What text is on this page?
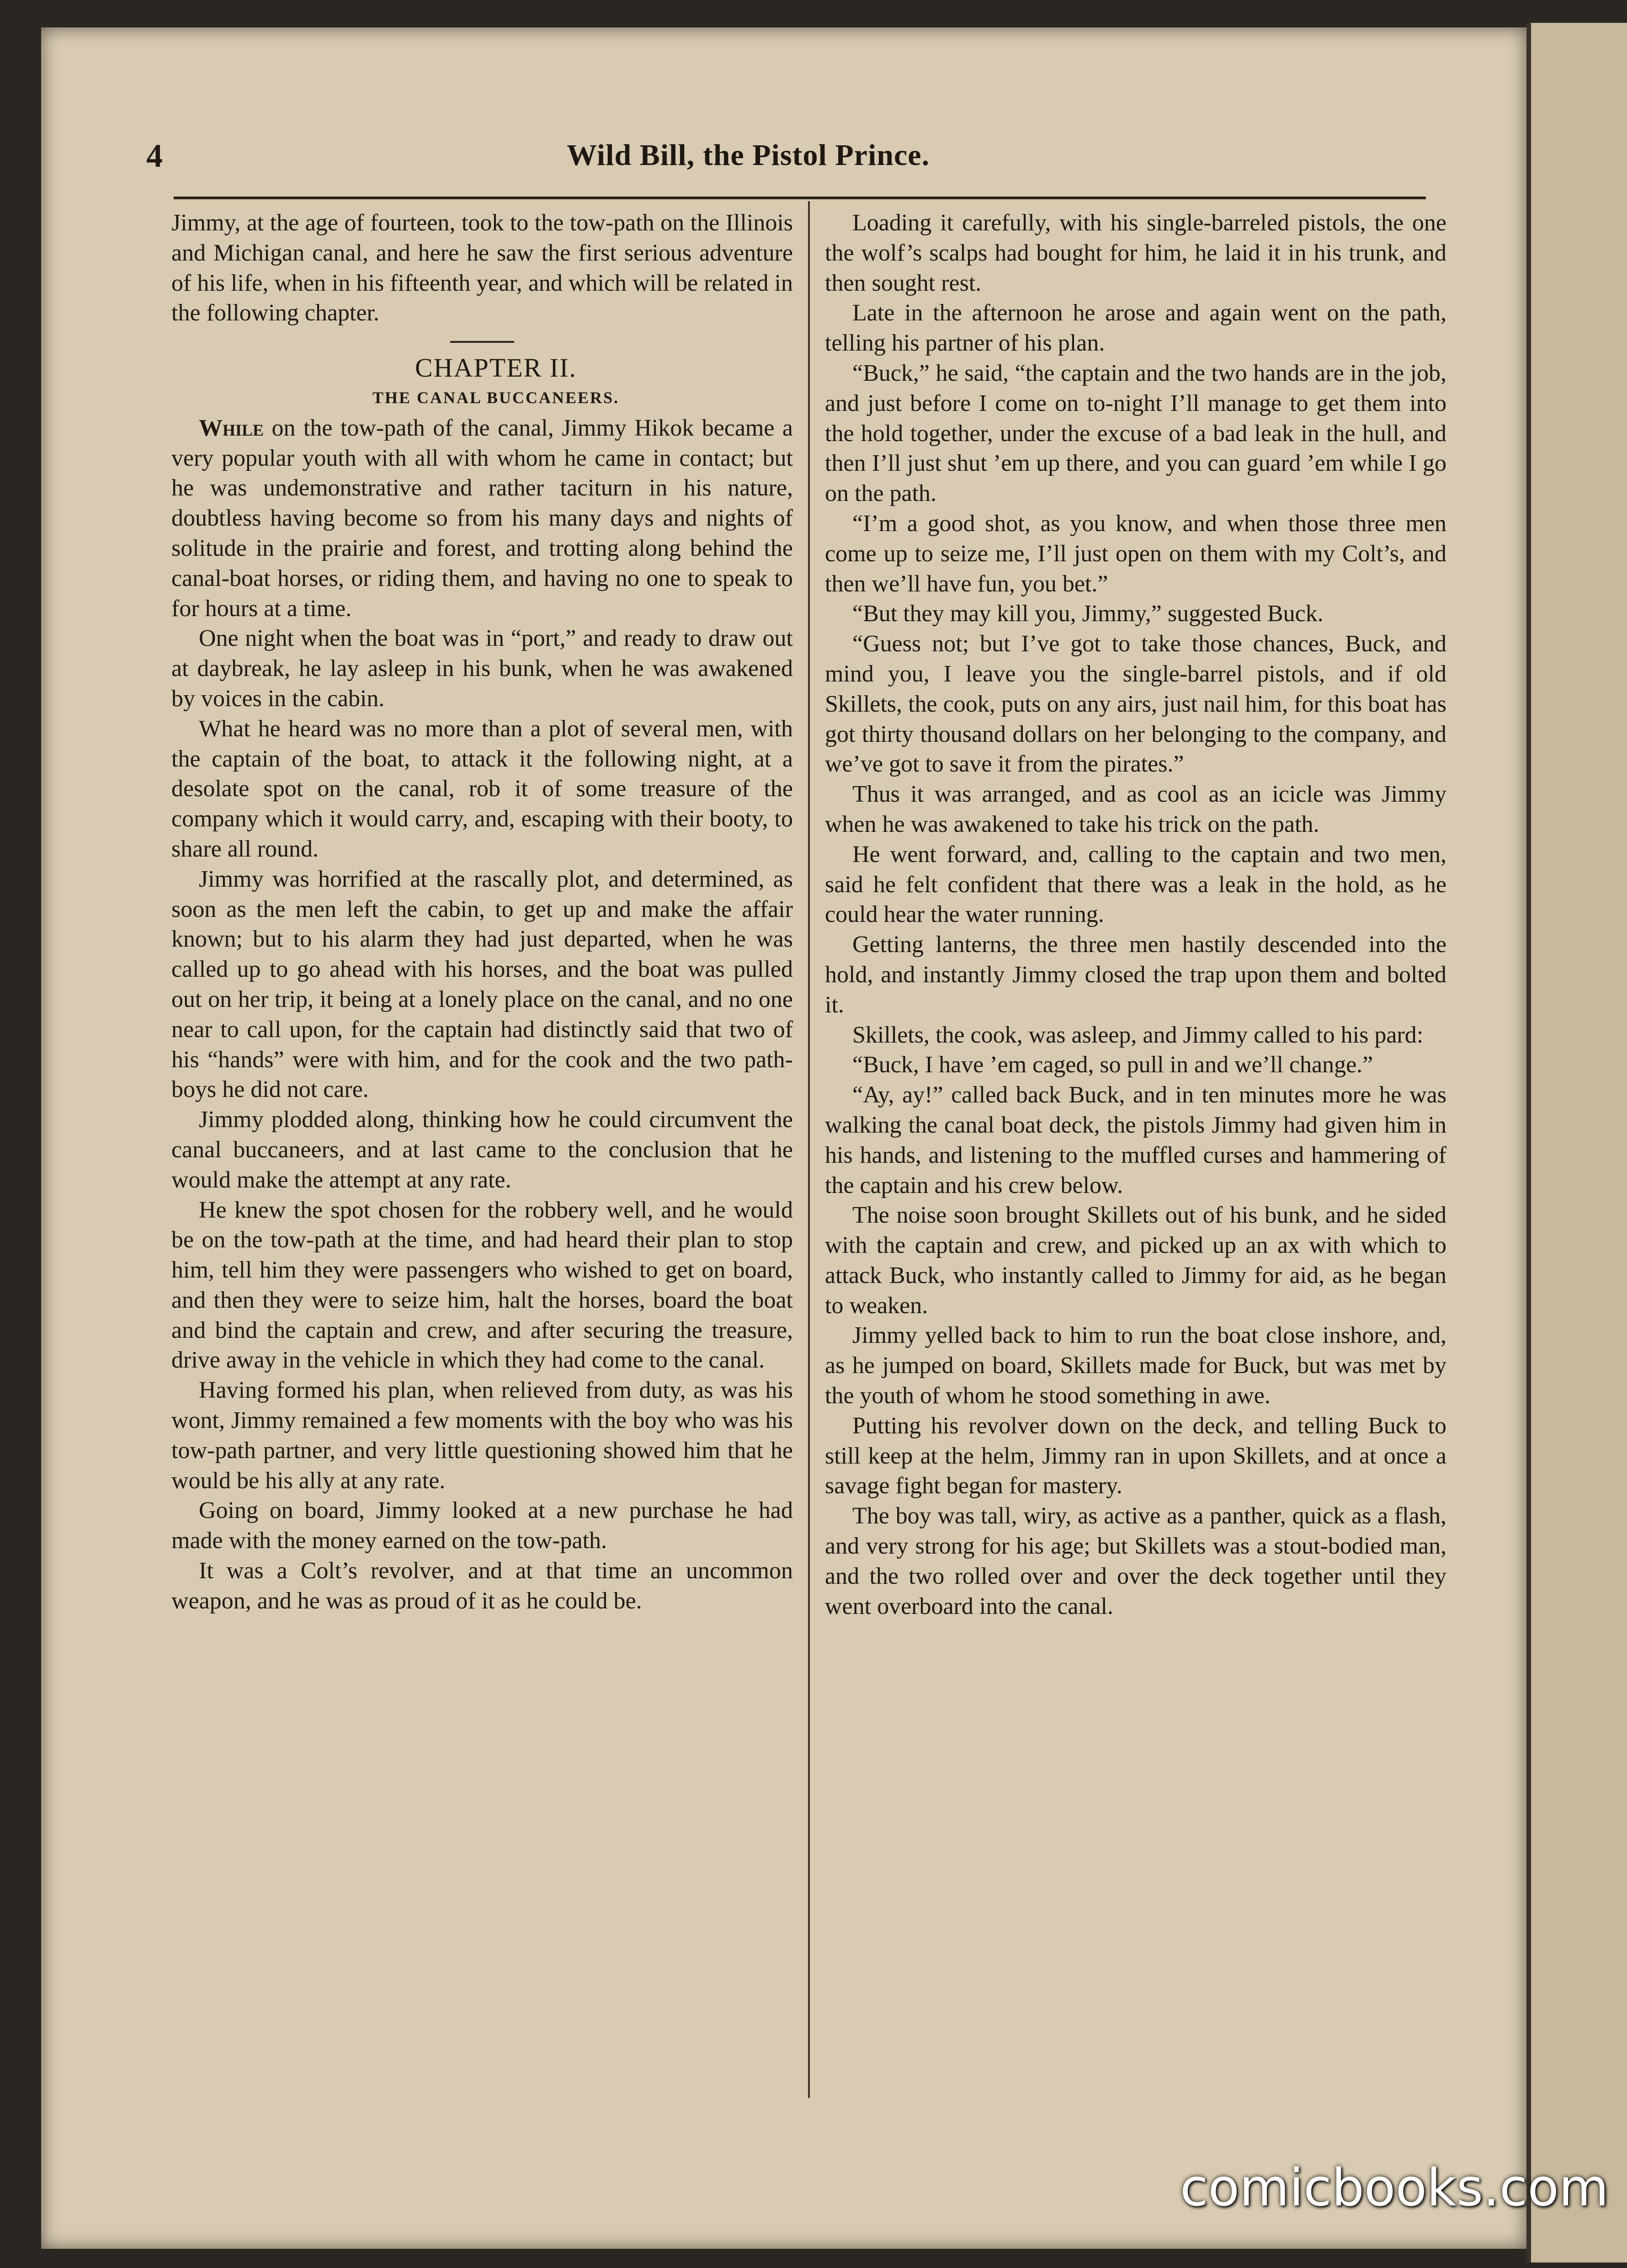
4	Wild Bill, the Pistol Prince.

Jimmy, at the age of fourteen, took to the tow-path on the Illinois and Michigan canal, and here he saw the first serious adventure of his life, when in his fifteenth year, and which will be related in the following chapter.

CHAPTER II.

THE CANAL BUCCANEERS.

While on the tow-path of the canal, Jimmy Hikok became a very popular youth with all with whom he came in contact; but he was undemonstrative and rather taciturn in his nature, doubtless having become so from his many days and nights of solitude in the prairie and forest, and trotting along behind the canal-boat horses, or riding them, and having no one to speak to for hours at a time.

One night when the boat was in “port,” and ready to draw out at daybreak, he lay asleep in his bunk, when he was awakened by voices in the cabin.

What he heard was no more than a plot of several men, with the captain of the boat, to attack it the following night, at a desolate spot on the canal, rob it of some treasure of the company which it would carry, and, escaping with their booty, to share all round.

Jimmy was horrified at the rascally plot, and determined, as soon as the men left the cabin, to get up and make the affair known; but to his alarm they had just departed, when he was called up to go ahead with his horses, and the boat was pulled out on her trip, it being at a lonely place on the canal, and no one near to call upon, for the captain had distinctly said that two of his “hands” were with him, and for the cook and the two path-boys he did not care.

Jimmy plodded along, thinking how he could circumvent the canal buccaneers, and at last came to the conclusion that he would make the attempt at any rate.

He knew the spot chosen for the robbery well, and he would be on the tow-path at the time, and had heard their plan to stop him, tell him they were passengers who wished to get on board, and then they were to seize him, halt the horses, board the boat and bind the captain and crew, and after securing the treasure, drive away in the vehicle in which they had come to the canal.

Having formed his plan, when relieved from duty, as was his wont, Jimmy remained a few moments with the boy who was his tow-path partner, and very little questioning showed him that he would be his ally at any rate.

Going on board, Jimmy looked at a new purchase he had made with the money earned on the tow-path.

It was a Colt’s revolver, and at that time an uncommon weapon, and he was as proud of it as he could be.

Loading it carefully, with his single-barreled pistols, the one the wolf’s scalps had bought for him, he laid it in his trunk, and then sought rest.

Late in the afternoon he arose and again went on the path, telling his partner of his plan.

“Buck,” he said, “the captain and the two hands are in the job, and just before I come on to-night I’ll manage to get them into the hold together, under the excuse of a bad leak in the hull, and then I’ll just shut ’em up there, and you can guard ’em while I go on the path.

“I’m a good shot, as you know, and when those three men come up to seize me, I’ll just open on them with my Colt’s, and then we’ll have fun, you bet.”

“But they may kill you, Jimmy,” suggested Buck.

“Guess not; but I’ve got to take those chances, Buck, and mind you, I leave you the single-barrel pistols, and if old Skillets, the cook, puts on any airs, just nail him, for this boat has got thirty thousand dollars on her belonging to the company, and we’ve got to save it from the pirates.”

Thus it was arranged, and as cool as an icicle was Jimmy when he was awakened to take his trick on the path.

He went forward, and, calling to the captain and two men, said he felt confident that there was a leak in the hold, as he could hear the water running.

Getting lanterns, the three men hastily descended into the hold, and instantly Jimmy closed the trap upon them and bolted it.

Skillets, the cook, was asleep, and Jimmy called to his pard:

“Buck, I have ’em caged, so pull in and we’ll change.”

“Ay, ay!” called back Buck, and in ten minutes more he was walking the canal boat deck, the pistols Jimmy had given him in his hands, and listening to the muffled curses and hammering of the captain and his crew below.

The noise soon brought Skillets out of his bunk, and he sided with the captain and crew, and picked up an ax with which to attack Buck, who instantly called to Jimmy for aid, as he began to weaken.

Jimmy yelled back to him to run the boat close inshore, and, as he jumped on board, Skillets made for Buck, but was met by the youth of whom he stood something in awe.

Putting his revolver down on the deck, and telling Buck to still keep at the helm, Jimmy ran in upon Skillets, and at once a savage fight began for mastery.

The boy was tall, wiry, as active as a panther, quick as a flash, and very strong for his age; but Skillets was a stout-bodied man, and the two rolled over and over the deck together until they went overboard into the canal.

comicbooks.com
